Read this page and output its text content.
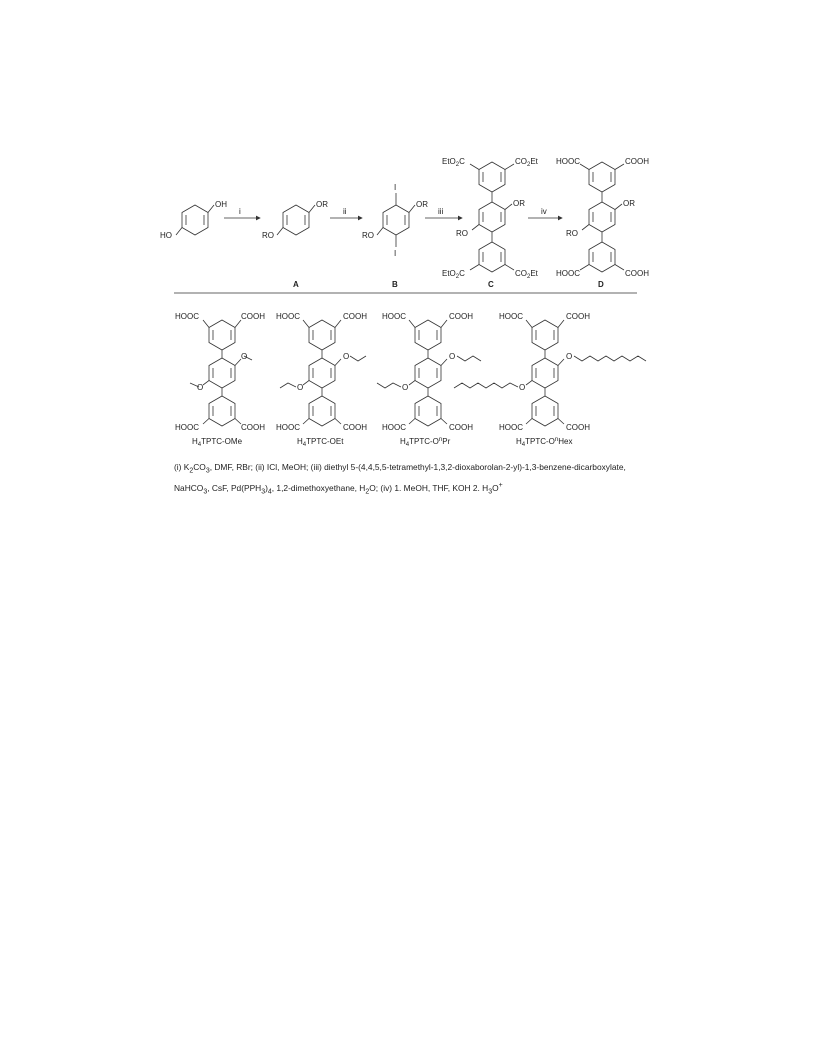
OH
HO
i
OR
RO
A
ii
OR
RO
I
I
B
iii
EtO$_2$C	$CO_2Et$
OR
RO
EtO$_2$C	$CO_2Et$
C
iv
HOOC	COOH
OR
RO
HOOC	COOH
D
HOOC	COOH
O
O
HOOC	COOH
$H_4TPTC$-OMe
HOOC	COOH
O
O
HOOC	COOH
$H_4TPTC$-OEt
HOOC	COOH
O
O
HOOC	COOH
$H_4TPTC-O^nPr$
HOOC	COOH
O
O
HOOC	COOH
$H_4TPTC-O^nHex$
(i) $K_2CO_3$, DMF, RBr; (ii) ICl, MeOH; (iii) diethyl 5-(4,4,5,5-tetramethyl-1,3,2-dioxaborolan-2-yl)-1,3-benzene-dicarboxylate, NaHCO$_3$, CsF, $Pd(PPH_3)_4$, 1,2-dimethoxyethane, $H_2O$; (iv) 1. MeOH, THF, KOH 2. $H_3O^+$
